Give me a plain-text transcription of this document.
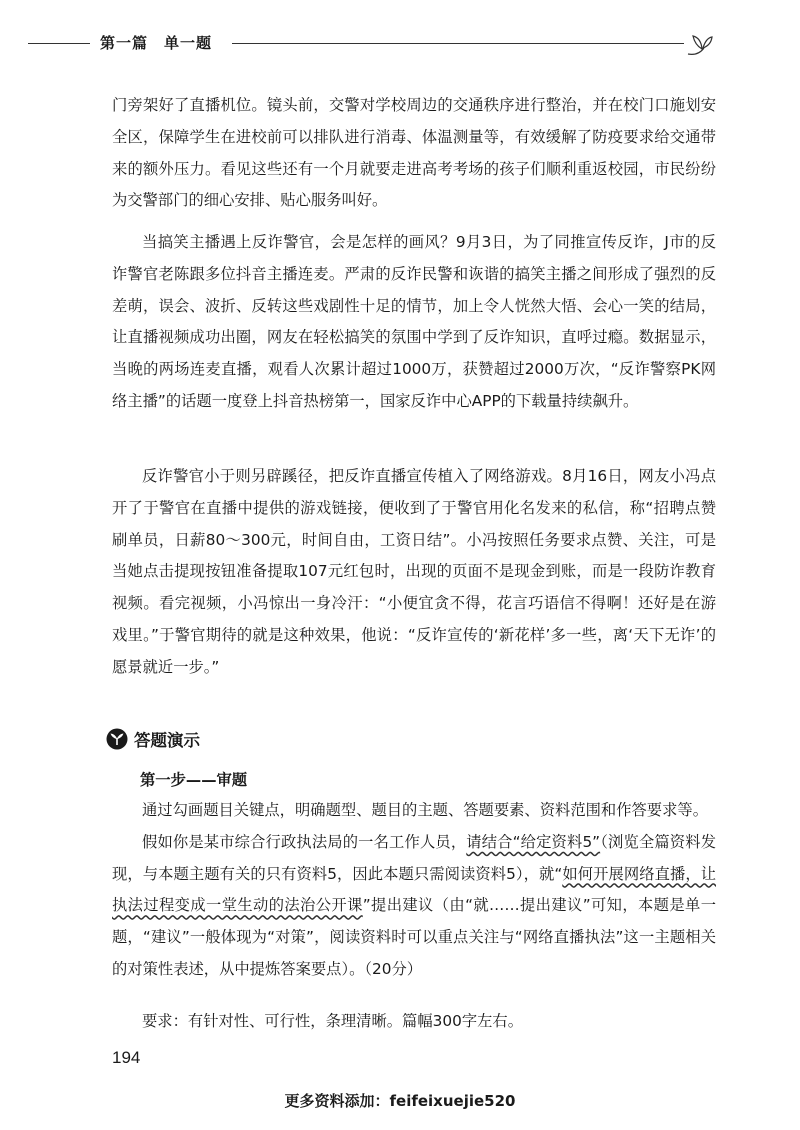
第一篇　单一题

门旁架好了直播机位。镜头前，交警对学校周边的交通秩序进行整治，并在校门口施划安全区，保障学生在进校前可以排队进行消毒、体温测量等，有效缓解了防疫要求给交通带来的额外压力。看见这些还有一个月就要走进高考考场的孩子们顺利重返校园，市民纷纷为交警部门的细心安排、贴心服务叫好。

当搞笑主播遇上反诈警官，会是怎样的画风？9月3日，为了同推宣传反诈，J市的反诈警官老陈跟多位抖音主播连麦。严肃的反诈民警和诙谐的搞笑主播之间形成了强烈的反差萌，误会、波折、反转这些戏剧性十足的情节，加上令人恍然大悟、会心一笑的结局，让直播视频成功出圈，网友在轻松搞笑的氛围中学到了反诈知识，直呼过瘾。数据显示，当晚的两场连麦直播，观看人次累计超过1000万，获赞超过2000万次，“反诈警察PK网络主播”的话题一度登上抖音热榜第一，国家反诈中心APP的下载量持续飙升。

反诈警官小于则另辟蹊径，把反诈直播宣传植入了网络游戏。8月16日，网友小冯点开了于警官在直播中提供的游戏链接，便收到了于警官用化名发来的私信，称“招聘点赞刷单员，日薪80～300元，时间自由，工资日结”。小冯按照任务要求点赞、关注，可是当她点击提现按钮准备提取107元红包时，出现的页面不是现金到账，而是一段防诈教育视频。看完视频，小冯惊出一身冷汗：“小便宜贪不得，花言巧语信不得啊！还好是在游戏里。”于警官期待的就是这种效果，他说：“反诈宣传的‘新花样’多一些，离‘天下无诈’的愿景就近一步。”

答题演示
第一步——审题

通过勾画题目关键点，明确题型、题目的主题、答题要素、资料范围和作答要求等。

假如你是某市综合行政执法局的一名工作人员，请结合“给定资料5”（浏览全篇资料发现，与本题主题有关的只有资料5，因此本题只需阅读资料5），就“如何开展网络直播，让执法过程变成一堂生动的法治公开课”提出建议（由“就……提出建议”可知，本题是单一题，“建议”一般体现为“对策”，阅读资料时可以重点关注与“网络直播执法”这一主题相关的对策性表述，从中提炼答案要点）。（20分）

要求：有针对性、可行性，条理清晰。篇幅300字左右。

194
更多资料添加：feifeixuejie520
